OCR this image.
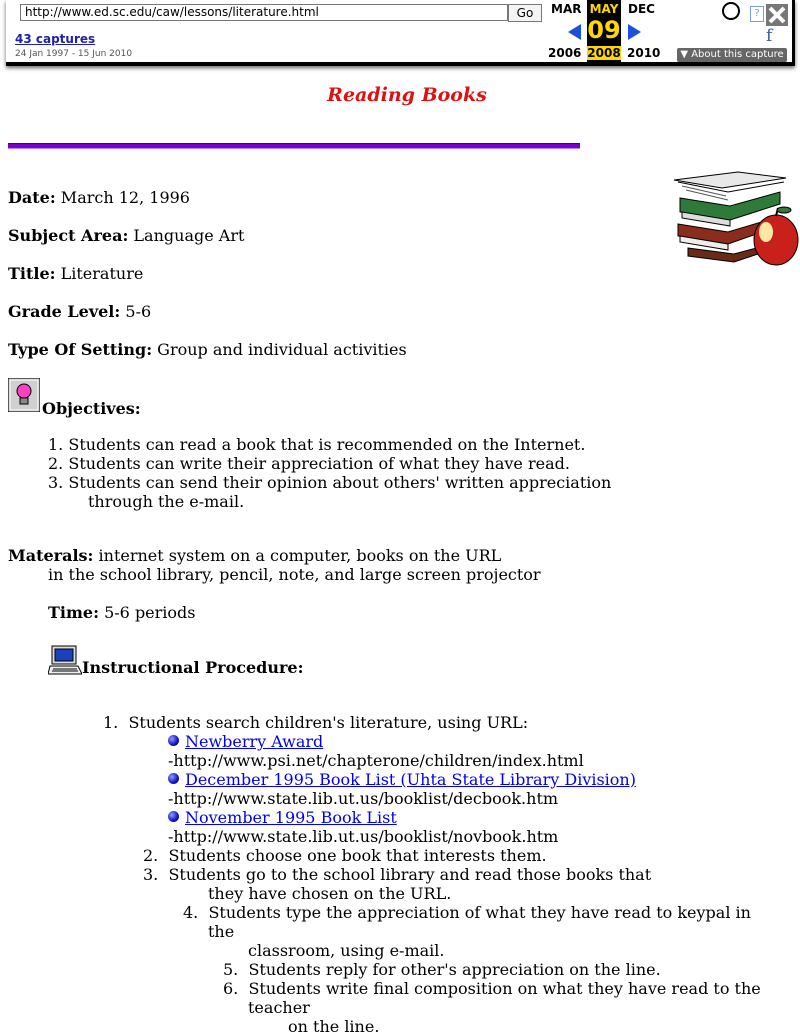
http://www.ed.sc.edu/caw/lessons/literature.html	Go
43 captures
24 Jan 1997 - 15 Jun 2010
MAR
2006
MAY
09
2008
DEC
2010
?
f
▼ About this capture
Reading Books
Date: March 12, 1996
Subject Area: Language Art
Title: Literature
Grade Level: 5-6
Type Of Setting: Group and individual activities
Objectives:
1. Students can read a book that is recommended on the Internet.
2. Students can write their appreciation of what they have read.
3. Students can send their opinion about others' written appreciation
through the e-mail.
Materals: internet system on a computer, books on the URL
in the school library, pencil, note, and large screen projector
Time: 5-6 periods
Instructional Procedure:
1. Students search children's literature, using URL:
Newberry Award
-http://www.psi.net/chapterone/children/index.html
December 1995 Book List (Uhta State Library Division)
-http://www.state.lib.ut.us/booklist/decbook.htm
November 1995 Book List
-http://www.state.lib.ut.us/booklist/novbook.htm
2. Students choose one book that interests them.
3. Students go to the school library and read those books that
they have chosen on the URL.
4. Students type the appreciation of what they have read to keypal in
the
classroom, using e-mail.
5. Students reply for other's appreciation on the line.
6. Students write final composition on what they have read to the
teacher
on the line.
